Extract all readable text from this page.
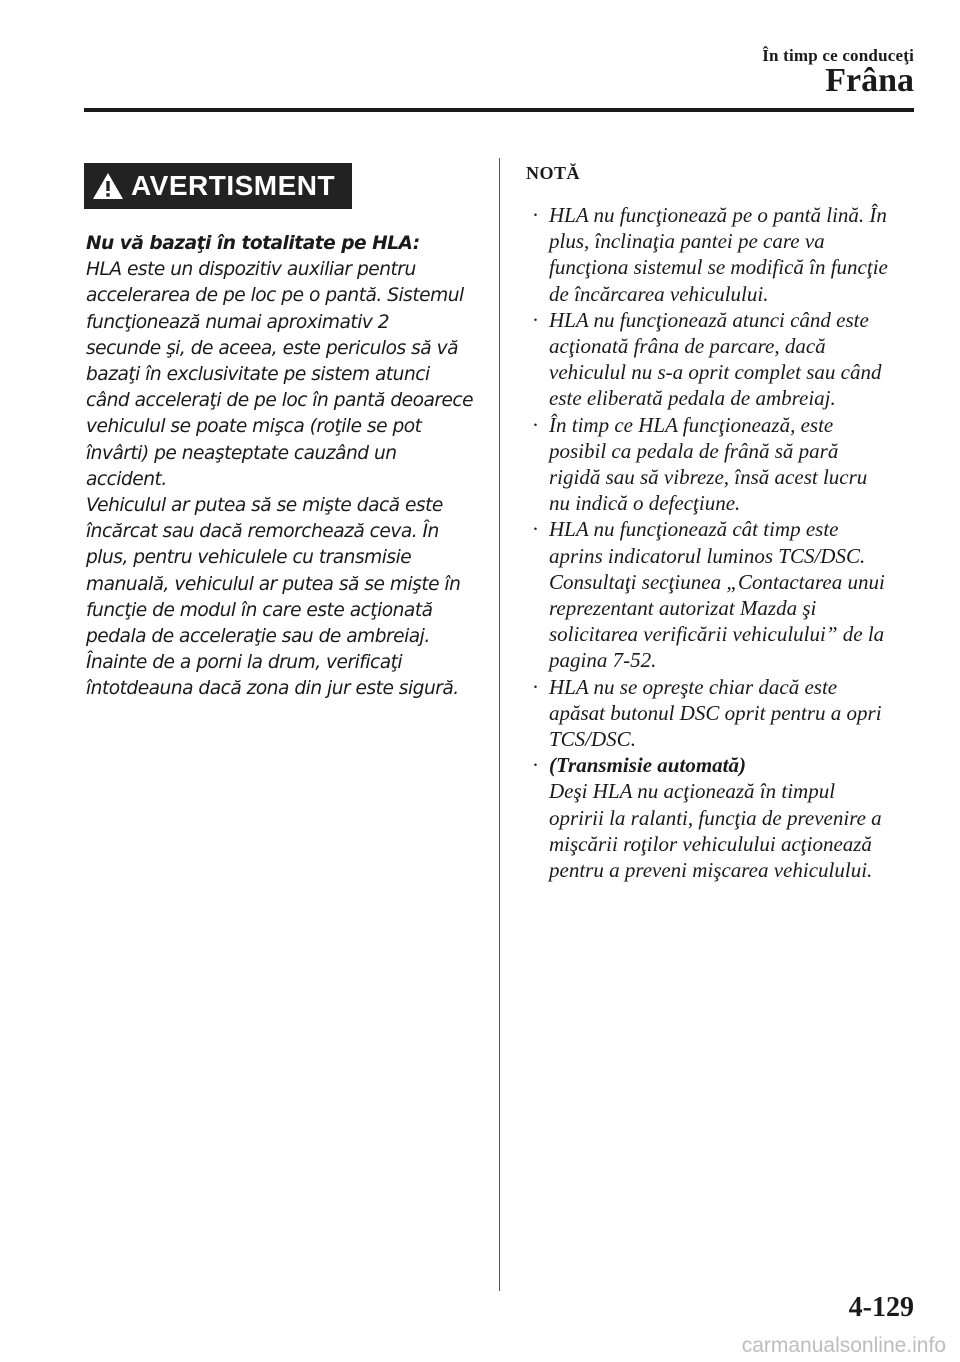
În timp ce conduceţi
Frâna
AVERTISMENT
Nu vă bazaţi în totalitate pe HLA:
HLA este un dispozitiv auxiliar pentru
accelerarea de pe loc pe o pantă. Sistemul
funcţionează numai aproximativ 2
secunde şi, de aceea, este periculos să vă
bazaţi în exclusivitate pe sistem atunci
când acceleraţi de pe loc în pantă deoarece
vehiculul se poate mişca (roţile se pot
învârti) pe neaşteptate cauzând un
accident.
Vehiculul ar putea să se mişte dacă este
încărcat sau dacă remorchează ceva. În
plus, pentru vehiculele cu transmisie
manuală, vehiculul ar putea să se mişte în
funcţie de modul în care este acţionată
pedala de acceleraţie sau de ambreiaj.
Înainte de a porni la drum, verificaţi
întotdeauna dacă zona din jur este sigură.
NOTĂ
· HLA nu funcţionează pe o pantă lină. În
plus, înclinaţia pantei pe care va
funcţiona sistemul se modifică în funcţie
de încărcarea vehiculului.
· HLA nu funcţionează atunci când este
acţionată frâna de parcare, dacă
vehiculul nu s-a oprit complet sau când
este eliberată pedala de ambreiaj.
· În timp ce HLA funcţionează, este
posibil ca pedala de frână să pară
rigidă sau să vibreze, însă acest lucru
nu indică o defecţiune.
· HLA nu funcţionează cât timp este
aprins indicatorul luminos TCS/DSC.
Consultaţi secţiunea „Contactarea unui
reprezentant autorizat Mazda şi
solicitarea verificării vehiculului” de la
pagina 7-52.
· HLA nu se opreşte chiar dacă este
apăsat butonul DSC oprit pentru a opri
TCS/DSC.
· (Transmisie automată)
Deşi HLA nu acţionează în timpul
opririi la ralanti, funcţia de prevenire a
mişcării roţilor vehiculului acţionează
pentru a preveni mişcarea vehiculului.
4-129
carmanualsonline.info
